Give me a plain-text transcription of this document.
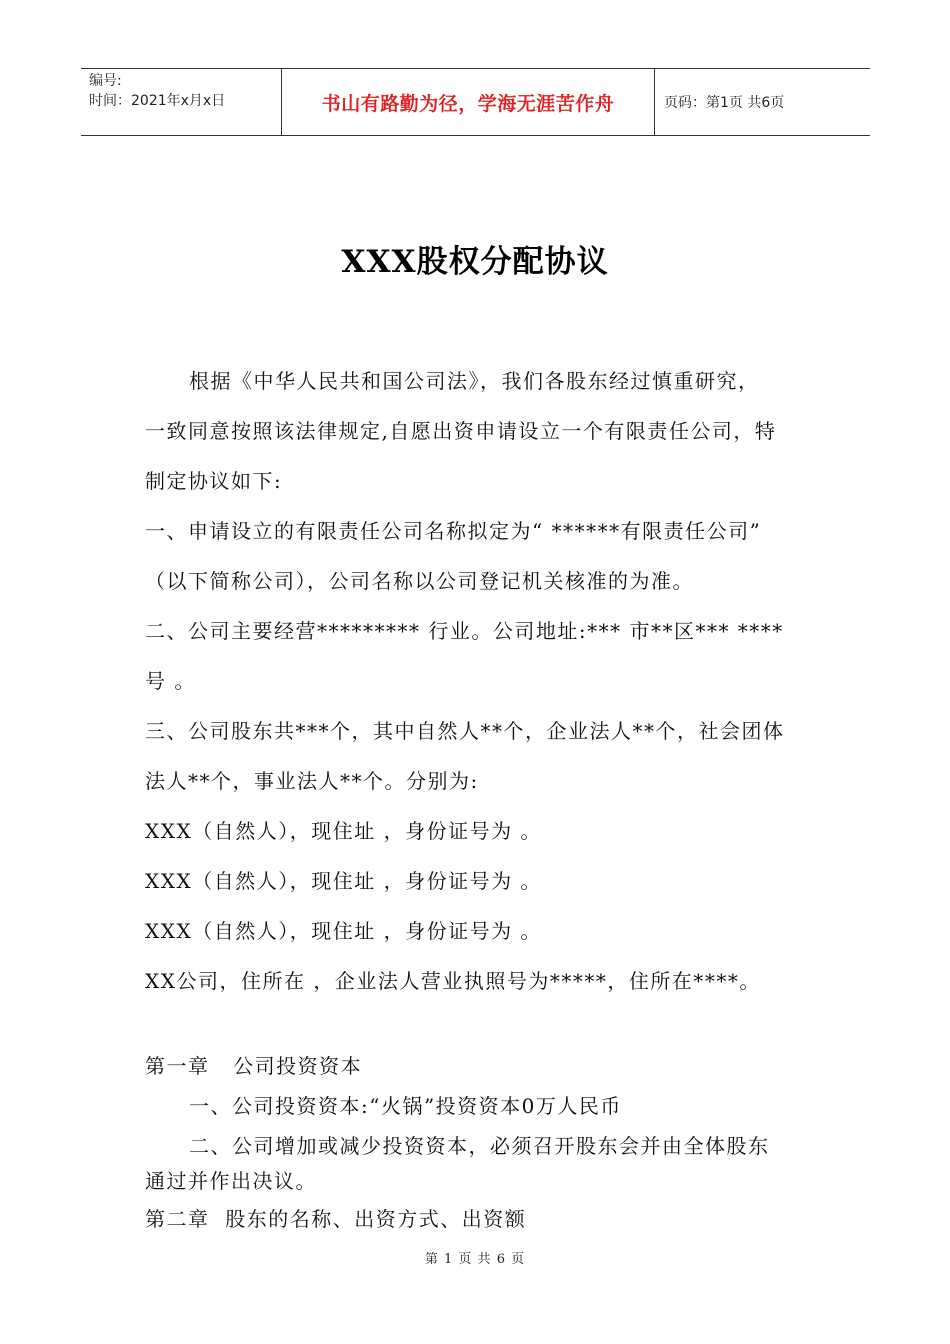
编号:
时间：2021年x月x日	书山有路勤为径，学海无涯苦作舟	页码：第1页 共6页
XXX股权分配协议
根据《中华人民共和国公司法》，我们各股东经过慎重研究，
一致同意按照该法律规定,自愿出资申请设立一个有限责任公司，特
制定协议如下:
一、申请设立的有限责任公司名称拟定为“ ******有限责任公司”
（以下简称公司），公司名称以公司登记机关核准的为准。
二、公司主要经营********* 行业。公司地址:*** 市**区*** ****
号 。
三、公司股东共***个，其中自然人**个，企业法人**个，社会团体
法人**个，事业法人**个。分别为:
XXX（自然人），现住址 ，身份证号为 。
XXX（自然人），现住址 ，身份证号为 。
XXX（自然人），现住址 ，身份证号为 。
XX公司，住所在 ，企业法人营业执照号为*****，住所在****。
第一章   公司投资资本
一、公司投资资本:“火锅”投资资本0万人民币
二、公司增加或减少投资资本，必须召开股东会并由全体股东
通过并作出决议。
第二章  股东的名称、出资方式、出资额
第 1 页 共 6 页
